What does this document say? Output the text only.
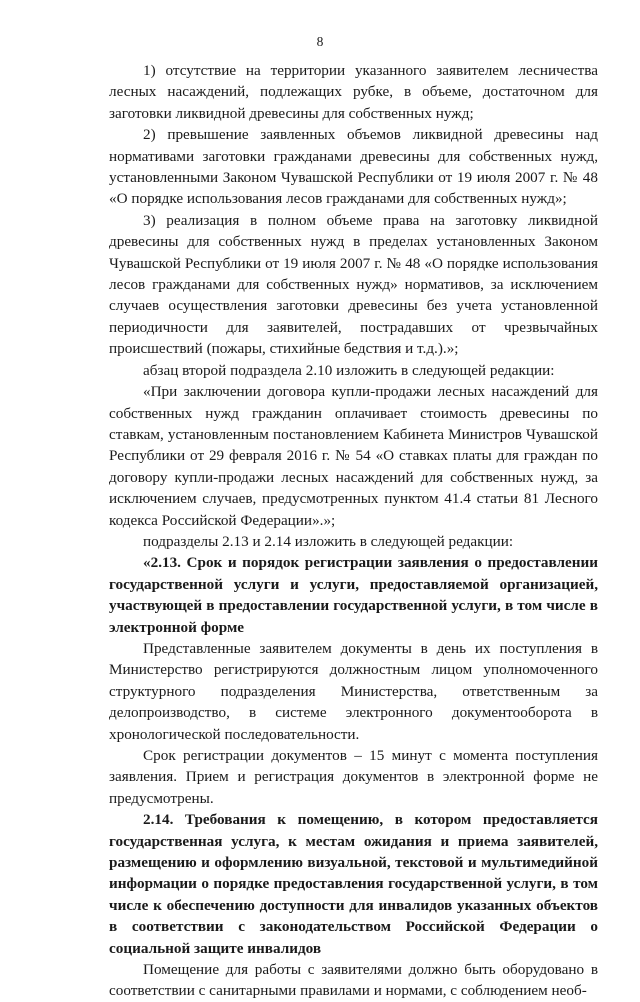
8

1) отсутствие на территории указанного заявителем лесничества лесных насаждений, подлежащих рубке, в объеме, достаточном для заготовки ликвидной древесины для собственных нужд;

2) превышение заявленных объемов ликвидной древесины над нормативами заготовки гражданами древесины для собственных нужд, установленными Законом Чувашской Республики от 19 июля 2007 г. № 48 «О порядке использования лесов гражданами для собственных нужд»;

3) реализация в полном объеме права на заготовку ликвидной древесины для собственных нужд в пределах установленных Законом Чувашской Республики от 19 июля 2007 г. № 48 «О порядке использования лесов гражданами для собственных нужд» нормативов, за исключением случаев осуществления заготовки древесины без учета установленной периодичности для заявителей, пострадавших от чрезвычайных происшествий (пожары, стихийные бедствия и т.д.).»;

абзац второй подраздела 2.10 изложить в следующей редакции:

«При заключении договора купли-продажи лесных насаждений для собственных нужд гражданин оплачивает стоимость древесины по ставкам, установленным постановлением Кабинета Министров Чувашской Республики от 29 февраля 2016 г. № 54 «О ставках платы для граждан по договору купли-продажи лесных насаждений для собственных нужд, за исключением случаев, предусмотренных пунктом 41.4 статьи 81 Лесного кодекса Российской Федерации».»;

подразделы 2.13 и 2.14 изложить в следующей редакции:

«2.13. Срок и порядок регистрации заявления о предоставлении государственной услуги и услуги, предоставляемой организацией, участвующей в предоставлении государственной услуги, в том числе в электронной форме

Представленные заявителем документы в день их поступления в Министерство регистрируются должностным лицом уполномоченного структурного подразделения Министерства, ответственным за делопроизводство, в системе электронного документооборота в хронологической последовательности.

Срок регистрации документов – 15 минут с момента поступления заявления. Прием и регистрация документов в электронной форме не предусмотрены.

2.14. Требования к помещению, в котором предоставляется государственная услуга, к местам ожидания и приема заявителей, размещению и оформлению визуальной, текстовой и мультимедийной информации о порядке предоставления государственной услуги, в том числе к обеспечению доступности для инвалидов указанных объектов в соответствии с законодательством Российской Федерации о социальной защите инвалидов

Помещение для работы с заявителями должно быть оборудовано в соответствии с санитарными правилами и нормами, с соблюдением необ-
